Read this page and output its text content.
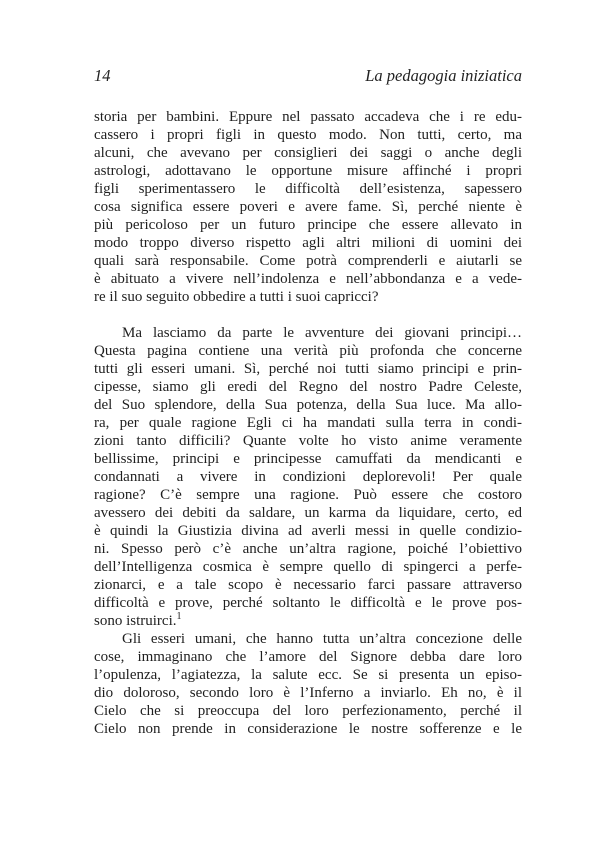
14	La pedagogia iniziatica
storia per bambini. Eppure nel passato accadeva che i re edu-
cassero i propri figli in questo modo. Non tutti, certo, ma
alcuni, che avevano per consiglieri dei saggi o anche degli
astrologi, adottavano le opportune misure affinché i propri
figli sperimentassero le difficoltà dell’esistenza, sapessero
cosa significa essere poveri e avere fame. Sì, perché niente è
più pericoloso per un futuro principe che essere allevato in
modo troppo diverso rispetto agli altri milioni di uomini dei
quali sarà responsabile. Come potrà comprenderli e aiutarli se
è abituato a vivere nell’indolenza e nell’abbondanza e a vede-
re il suo seguito obbedire a tutti i suoi capricci?
Ma lasciamo da parte le avventure dei giovani principi…
Questa pagina contiene una verità più profonda che concerne
tutti gli esseri umani. Sì, perché noi tutti siamo principi e prin-
cipesse, siamo gli eredi del Regno del nostro Padre Celeste,
del Suo splendore, della Sua potenza, della Sua luce. Ma allo-
ra, per quale ragione Egli ci ha mandati sulla terra in condi-
zioni tanto difficili? Quante volte ho visto anime veramente
bellissime, principi e principesse camuffati da mendicanti e
condannati a vivere in condizioni deplorevoli! Per quale
ragione? C’è sempre una ragione. Può essere che costoro
avessero dei debiti da saldare, un karma da liquidare, certo, ed
è quindi la Giustizia divina ad averli messi in quelle condizio-
ni. Spesso però c’è anche un’altra ragione, poiché l’obiettivo
dell’Intelligenza cosmica è sempre quello di spingerci a perfe-
zionarci, e a tale scopo è necessario farci passare attraverso
difficoltà e prove, perché soltanto le difficoltà e le prove pos-
sono istruirci.$^1$
Gli esseri umani, che hanno tutta un’altra concezione delle
cose, immaginano che l’amore del Signore debba dare loro
l’opulenza, l’agiatezza, la salute ecc. Se si presenta un episo-
dio doloroso, secondo loro è l’Inferno a inviarlo. Eh no, è il
Cielo che si preoccupa del loro perfezionamento, perché il
Cielo non prende in considerazione le nostre sofferenze e le
